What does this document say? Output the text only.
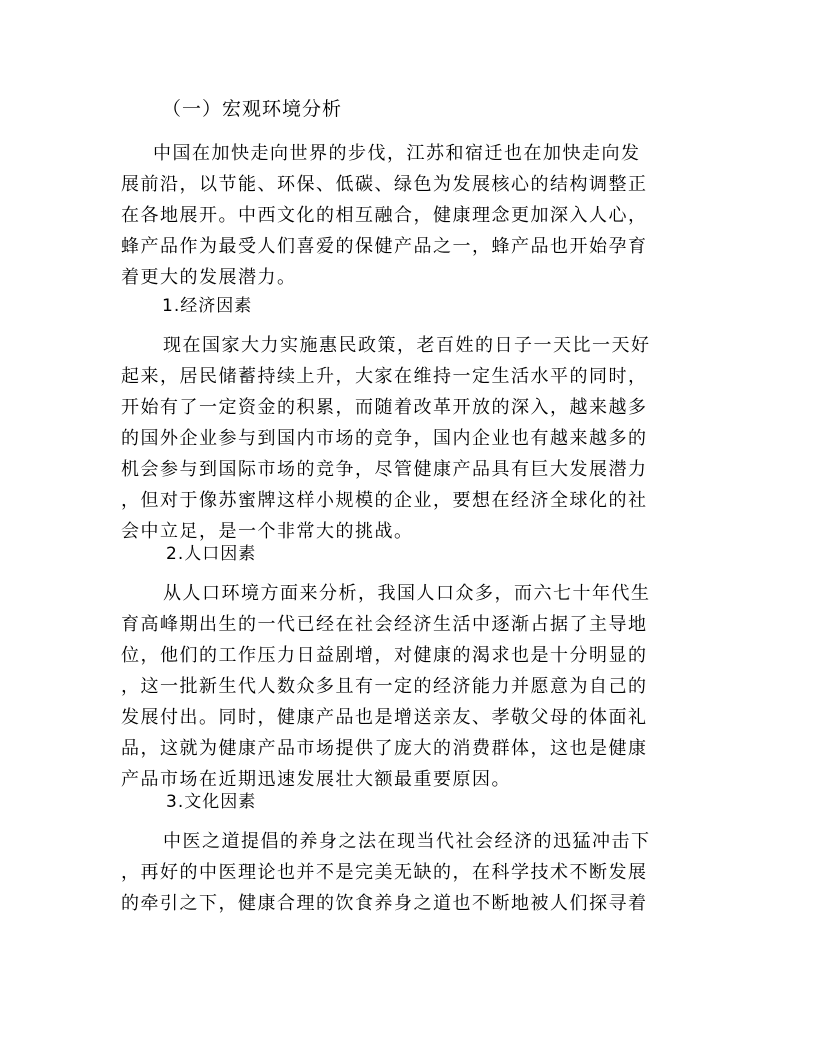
（一）宏观环境分析
中国在加快走向世界的步伐，江苏和宿迁也在加快走向发
展前沿，以节能、环保、低碳、绿色为发展核心的结构调整正
在各地展开。中西文化的相互融合，健康理念更加深入人心，
蜂产品作为最受人们喜爱的保健产品之一，蜂产品也开始孕育
着更大的发展潜力。
1.经济因素
现在国家大力实施惠民政策，老百姓的日子一天比一天好
起来，居民储蓄持续上升，大家在维持一定生活水平的同时，
开始有了一定资金的积累，而随着改革开放的深入，越来越多
的国外企业参与到国内市场的竞争，国内企业也有越来越多的
机会参与到国际市场的竞争，尽管健康产品具有巨大发展潜力
，但对于像苏蜜牌这样小规模的企业，要想在经济全球化的社
会中立足，是一个非常大的挑战。
2.人口因素
从人口环境方面来分析，我国人口众多，而六七十年代生
育高峰期出生的一代已经在社会经济生活中逐渐占据了主导地
位，他们的工作压力日益剧增，对健康的渴求也是十分明显的
，这一批新生代人数众多且有一定的经济能力并愿意为自己的
发展付出。同时，健康产品也是增送亲友、孝敬父母的体面礼
品，这就为健康产品市场提供了庞大的消费群体，这也是健康
产品市场在近期迅速发展壮大额最重要原因。
3.文化因素
中医之道提倡的养身之法在现当代社会经济的迅猛冲击下
，再好的中医理论也并不是完美无缺的，在科学技术不断发展
的牵引之下，健康合理的饮食养身之道也不断地被人们探寻着
